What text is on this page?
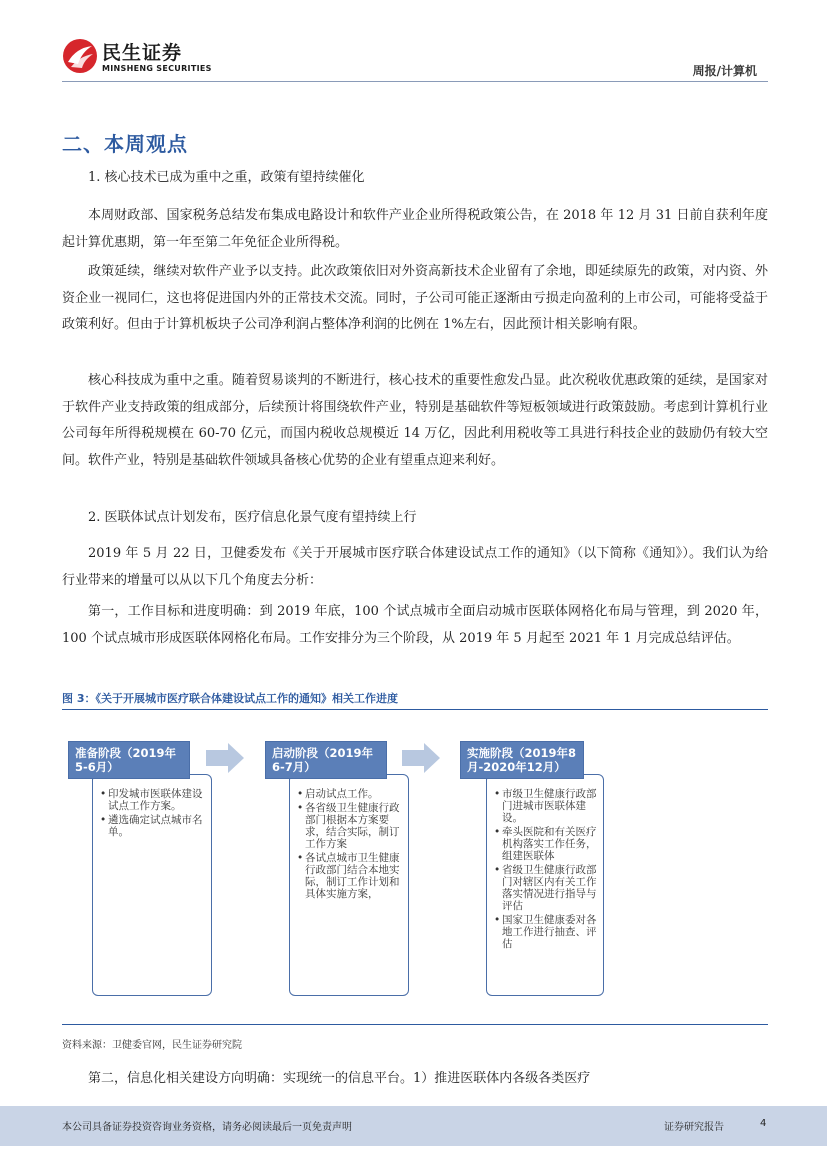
民生证券
MINSHENG SECURITIES	周报/计算机
二、本周观点
1. 核心技术已成为重中之重，政策有望持续催化
本周财政部、国家税务总结发布集成电路设计和软件产业企业所得税政策公告，在 2018 年 12 月 31 日前自获利年度起计算优惠期，第一年至第二年免征企业所得税。
政策延续，继续对软件产业予以支持。此次政策依旧对外资高新技术企业留有了余地，即延续原先的政策，对内资、外资企业一视同仁，这也将促进国内外的正常技术交流。同时，子公司可能正逐渐由亏损走向盈利的上市公司，可能将受益于政策利好。但由于计算机板块子公司净利润占整体净利润的比例在 1%左右，因此预计相关影响有限。
核心科技成为重中之重。随着贸易谈判的不断进行，核心技术的重要性愈发凸显。此次税收优惠政策的延续，是国家对于软件产业支持政策的组成部分，后续预计将围绕软件产业，特别是基础软件等短板领域进行政策鼓励。考虑到计算机行业公司每年所得税规模在 60-70 亿元，而国内税收总规模近 14 万亿，因此利用税收等工具进行科技企业的鼓励仍有较大空间。软件产业，特别是基础软件领域具备核心优势的企业有望重点迎来利好。
2. 医联体试点计划发布，医疗信息化景气度有望持续上行
2019 年 5 月 22 日，卫健委发布《关于开展城市医疗联合体建设试点工作的通知》（以下简称《通知》）。我们认为给行业带来的增量可以从以下几个角度去分析：
第一，工作目标和进度明确：到 2019 年底，100 个试点城市全面启动城市医联体网格化布局与管理，到 2020 年，100 个试点城市形成医联体网格化布局。工作安排分为三个阶段，从 2019 年 5 月起至 2021 年 1 月完成总结评估。
图 3：《关于开展城市医疗联合体建设试点工作的通知》相关工作进度
准备阶段（2019年5-6月）
• 印发城市医联体建设试点工作方案。
• 遴选确定试点城市名单。
启动阶段（2019年6-7月）
• 启动试点工作。
• 各省级卫生健康行政部门根据本方案要求，结合实际，制订工作方案
• 各试点城市卫生健康行政部门结合本地实际，制订工作计划和具体实施方案，
实施阶段（2019年8月-2020年12月）
• 市级卫生健康行政部门进城市医联体建设。
• 牵头医院和有关医疗机构落实工作任务，组建医联体
• 省级卫生健康行政部门对辖区内有关工作落实情况进行指导与评估
• 国家卫生健康委对各地工作进行抽查、评估
资料来源：卫健委官网，民生证券研究院
第二，信息化相关建设方向明确：实现统一的信息平台。1）推进医联体内各级各类医疗
本公司具备证券投资咨询业务资格，请务必阅读最后一页免责声明	证券研究报告	4
